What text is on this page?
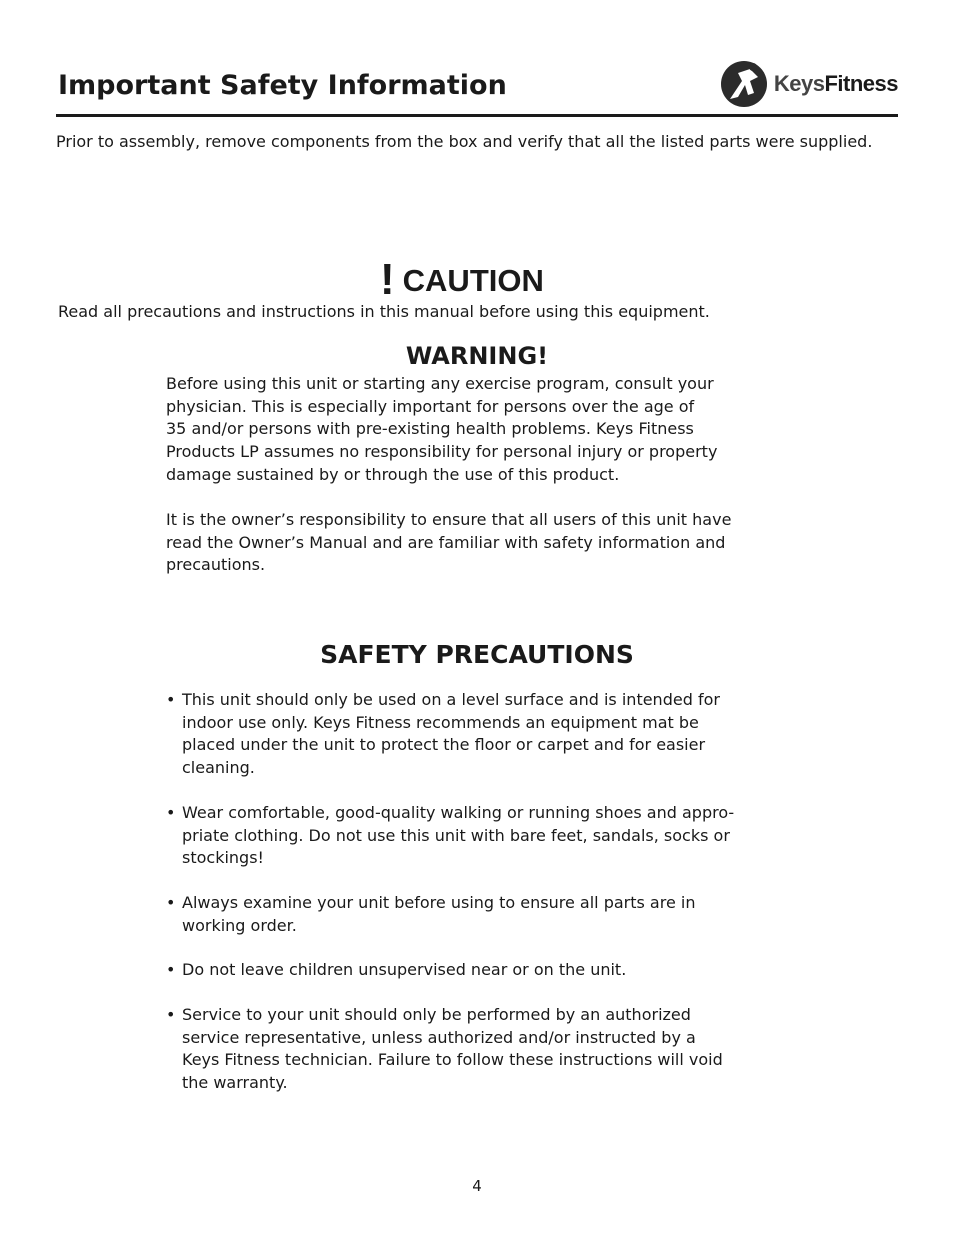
Important Safety Information	KeysFitness

Prior to assembly, remove components from the box and verify that all the listed parts were supplied.

! CAUTION

Read all precautions and instructions in this manual before using this equipment.

WARNING!

Before using this unit or starting any exercise program, consult your
physician. This is especially important for persons over the age of
35 and/or persons with pre-existing health problems. Keys Fitness
Products LP assumes no responsibility for personal injury or property
damage sustained by or through the use of this product.

It is the owner’s responsibility to ensure that all users of this unit have
read the Owner’s Manual and are familiar with safety information and
precautions.

SAFETY PRECAUTIONS
• This unit should only be used on a level surface and is intended for
indoor use only. Keys Fitness recommends an equipment mat be
placed under the unit to protect the floor or carpet and for easier
cleaning.
• Wear comfortable, good-quality walking or running shoes and appro-
priate clothing. Do not use this unit with bare feet, sandals, socks or
stockings!
• Always examine your unit before using to ensure all parts are in
working order.
• Do not leave children unsupervised near or on the unit.
• Service to your unit should only be performed by an authorized
service representative, unless authorized and/or instructed by a
Keys Fitness technician. Failure to follow these instructions will void
the warranty.
4
